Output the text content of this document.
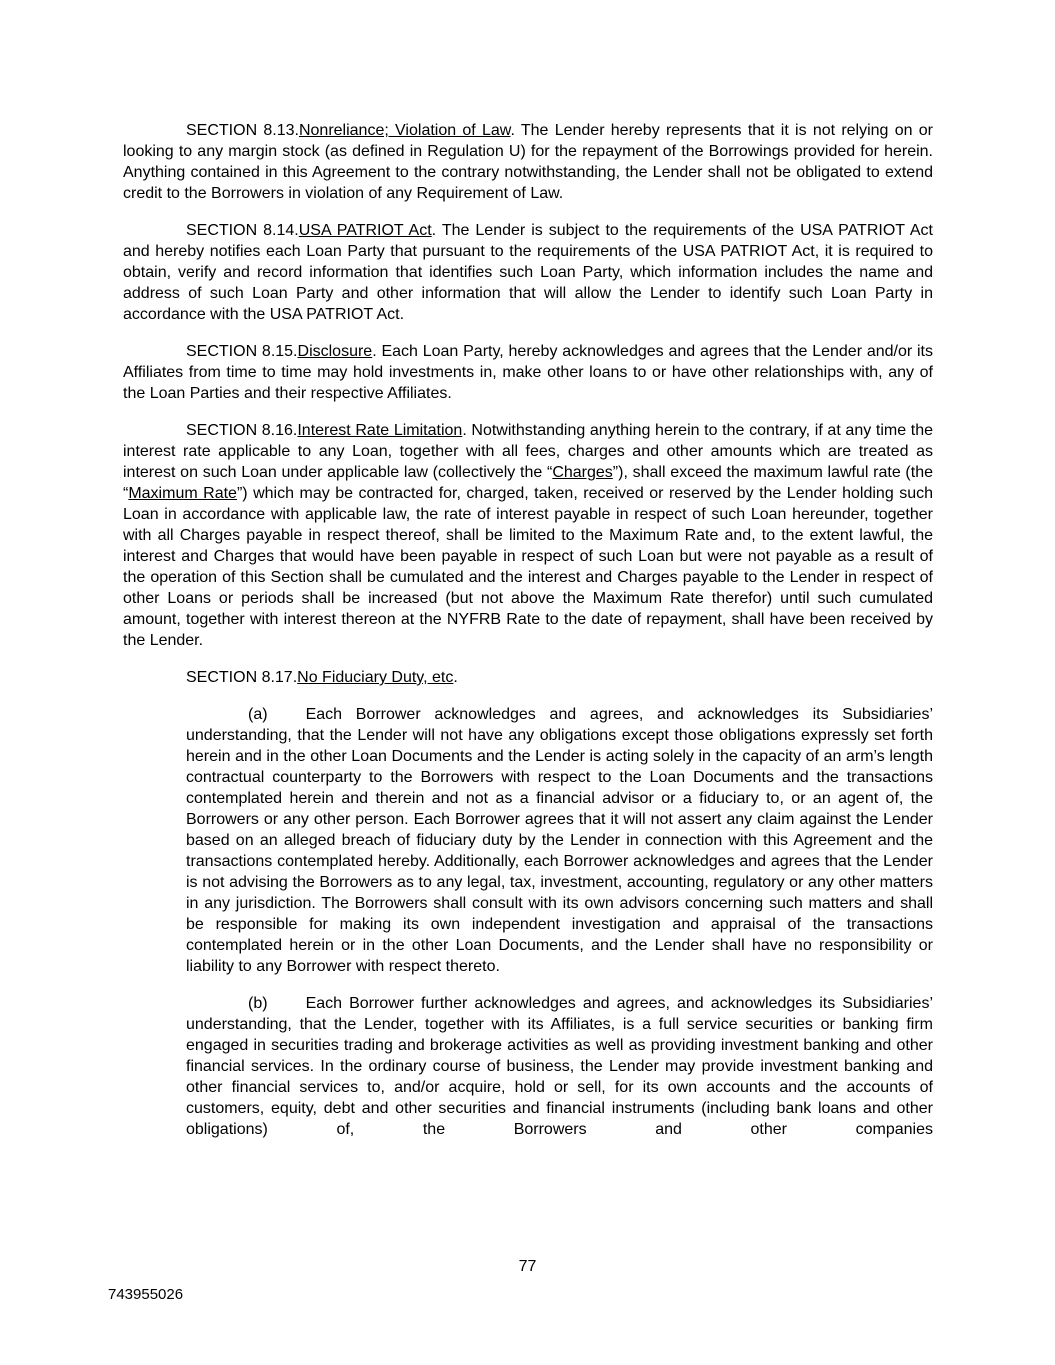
SECTION 8.13.Nonreliance; Violation of Law. The Lender hereby represents that it is not relying on or looking to any margin stock (as defined in Regulation U) for the repayment of the Borrowings provided for herein. Anything contained in this Agreement to the contrary notwithstanding, the Lender shall not be obligated to extend credit to the Borrowers in violation of any Requirement of Law.
SECTION 8.14.USA PATRIOT Act. The Lender is subject to the requirements of the USA PATRIOT Act and hereby notifies each Loan Party that pursuant to the requirements of the USA PATRIOT Act, it is required to obtain, verify and record information that identifies such Loan Party, which information includes the name and address of such Loan Party and other information that will allow the Lender to identify such Loan Party in accordance with the USA PATRIOT Act.
SECTION 8.15.Disclosure. Each Loan Party, hereby acknowledges and agrees that the Lender and/or its Affiliates from time to time may hold investments in, make other loans to or have other relationships with, any of the Loan Parties and their respective Affiliates.
SECTION 8.16.Interest Rate Limitation. Notwithstanding anything herein to the contrary, if at any time the interest rate applicable to any Loan, together with all fees, charges and other amounts which are treated as interest on such Loan under applicable law (collectively the “Charges”), shall exceed the maximum lawful rate (the “Maximum Rate”) which may be contracted for, charged, taken, received or reserved by the Lender holding such Loan in accordance with applicable law, the rate of interest payable in respect of such Loan hereunder, together with all Charges payable in respect thereof, shall be limited to the Maximum Rate and, to the extent lawful, the interest and Charges that would have been payable in respect of such Loan but were not payable as a result of the operation of this Section shall be cumulated and the interest and Charges payable to the Lender in respect of other Loans or periods shall be increased (but not above the Maximum Rate therefor) until such cumulated amount, together with interest thereon at the NYFRB Rate to the date of repayment, shall have been received by the Lender.
SECTION 8.17.No Fiduciary Duty, etc.
(a) Each Borrower acknowledges and agrees, and acknowledges its Subsidiaries’ understanding, that the Lender will not have any obligations except those obligations expressly set forth herein and in the other Loan Documents and the Lender is acting solely in the capacity of an arm’s length contractual counterparty to the Borrowers with respect to the Loan Documents and the transactions contemplated herein and therein and not as a financial advisor or a fiduciary to, or an agent of, the Borrowers or any other person. Each Borrower agrees that it will not assert any claim against the Lender based on an alleged breach of fiduciary duty by the Lender in connection with this Agreement and the transactions contemplated hereby. Additionally, each Borrower acknowledges and agrees that the Lender is not advising the Borrowers as to any legal, tax, investment, accounting, regulatory or any other matters in any jurisdiction. The Borrowers shall consult with its own advisors concerning such matters and shall be responsible for making its own independent investigation and appraisal of the transactions contemplated herein or in the other Loan Documents, and the Lender shall have no responsibility or liability to any Borrower with respect thereto.
(b) Each Borrower further acknowledges and agrees, and acknowledges its Subsidiaries’ understanding, that the Lender, together with its Affiliates, is a full service securities or banking firm engaged in securities trading and brokerage activities as well as providing investment banking and other financial services. In the ordinary course of business, the Lender may provide investment banking and other financial services to, and/or acquire, hold or sell, for its own accounts and the accounts of customers, equity, debt and other securities and financial instruments (including bank loans and other obligations) of, the Borrowers and other companies
77
743955026
